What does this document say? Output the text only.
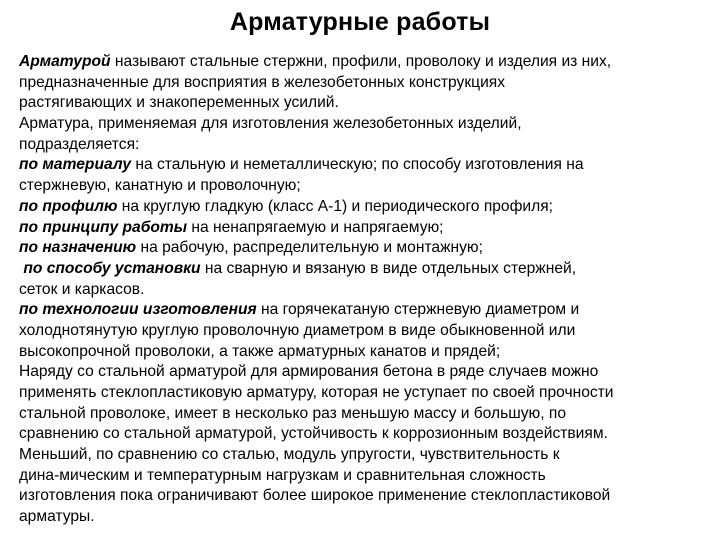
Арматурные работы
Арматурой называют стальные стержни, профили, проволоку и изделия из них,
предназначенные для восприятия в железобетонных конструкциях
растягивающих и знакопеременных усилий.
Арматура, применяемая для изготовления железобетонных изделий,
подразделяется:
по материалу на стальную и неметаллическую; по способу изготовления на
стержневую, канатную и проволочную;
по профилю на круглую гладкую (класс А-1) и периодического профиля;
по принципу работы на ненапрягаемую и напрягаемую;
по назначению на рабочую, распределительную и монтажную;
по способу установки на сварную и вязаную в виде отдельных стержней,
сеток и каркасов.
по технологии изготовления на горячекатаную стержневую диаметром и
холоднотянутую круглую проволочную диаметром в виде обыкновенной или
высокопрочной проволоки, а также арматурных канатов и прядей;
Наряду со стальной арматурой для армирования бетона в ряде случаев можно
применять стеклопластиковую арматуру, которая не уступает по своей прочности
стальной проволоке, имеет в несколько раз меньшую массу и большую, по
сравнению со стальной арматурой, устойчивость к коррозионным воздействиям.
Меньший, по сравнению со сталью, модуль упругости, чувствительность к
дина-мическим и температурным нагрузкам и сравнительная сложность
изготовления пока ограничивают более широкое применение стеклопластиковой
арматуры.
